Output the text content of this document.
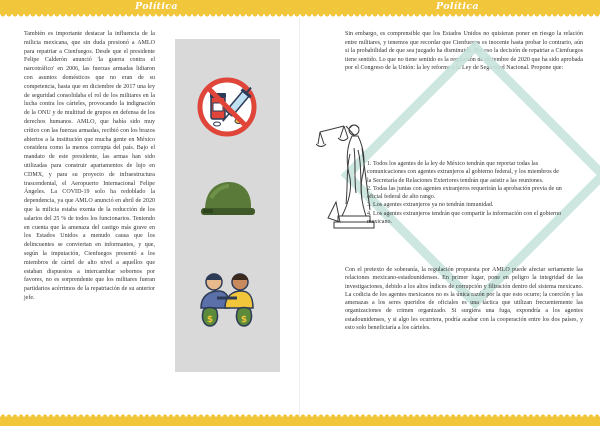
Política	Política
También es importante destacar la influencia de la milicia mexicana, que sin duda presionó a AMLO para repatriar a Cienfuegos. Desde que el presidente Felipe Calderón anunció 'la guerra contra el narcotráfico' en 2006, las fuerzas armadas lidiaron con asuntos domésticos que no eran de su competencia, hasta que en diciembre de 2017 una ley de seguridad consolidaba el rol de los militares en la lucha contra los cárteles, provocando la indignación de la ONU y de multitud de grupos en defensa de los derechos humanos. AMLO, que había sido muy crítico con las fuerzas armadas, recibió con los brazos abiertos a la institución que mucha gente en México considera como la menos corrupta del país. Bajo el mandato de este presidente, las armas han sido utilizadas para construir apartamentos de lujo en CDMX, y para su proyecto de infraestructura trascendental, el Aeropuerto Internacional Felipe Ángeles. La COVID-19 solo ha redoblado la dependencia, ya que AMLO anunció en abril de 2020 que la milicia estaba exenta de la reducción de los salarios del 25 % de todos los funcionarios. Teniendo en cuenta que la amenaza del castigo más grave en los Estados Unidos a menudo causa que los delincuentes se conviertan en informantes, y que, según la imputación, Cienfuegos presentó a los miembros de cártel de alto nivel a aquellos que estaban dispuestos a intercambiar sobornos por favores, no es sorprendente que los militares fueran partidarios acérrimos de la repatriación de su anterior jefe.
$	$
Sin embargo, es comprensible que los Estados Unidos no quisieran poner en riesgo la relación entre militares, y tenemos que recordar que Cienfuegos es inocente hasta probar lo contrario, aún si la probabilidad de que sea juzgado ha disminuido. Por eso la decisión de repatriar a Cienfuegos tiene sentido. Lo que no tiene sentido es la regulación de diciembre de 2020 que ha sido aprobada por el Congreso de la Unión: la ley reforma a la Ley de Seguridad Nacional. Propone que:

1. Todos los agentes de la ley de México tendrán que reportar todas las comunicaciones con agentes extranjeros al gobierno federal, y los miembros de la Secretaría de Relaciones Exteriores tendrán que asistir a las reuniones.

2. Todas las juntas con agentes extranjeros requerirán la aprobación previa de un oficial federal de alto rango.

3. Los agentes extranjeros ya no tendrán inmunidad.

4. Los agentes extranjeros tendrán que compartir la información con el gobierno mexicano.

Con el pretexto de soberanía, la regulación propuesta por AMLO puede afectar seriamente las relaciones mexicano-estadounidenses. En primer lugar, pone en peligro la integridad de las investigaciones, debido a los altos índices de corrupción y filtración dentro del sistema mexicano. La codicia de los agentes mexicanos no es la única razón por la que esto ocurre; la coerción y las amenazas a los seres queridos de oficiales es una táctica que utilizan frecuentemente las organizaciones de crimen organizado. Si surgiera una fuga, expondría a los agentes estadounidenses, y si algo les ocurriera, podría acabar con la cooperación entre los dos países, y esto solo beneficiaría a los cárteles.
